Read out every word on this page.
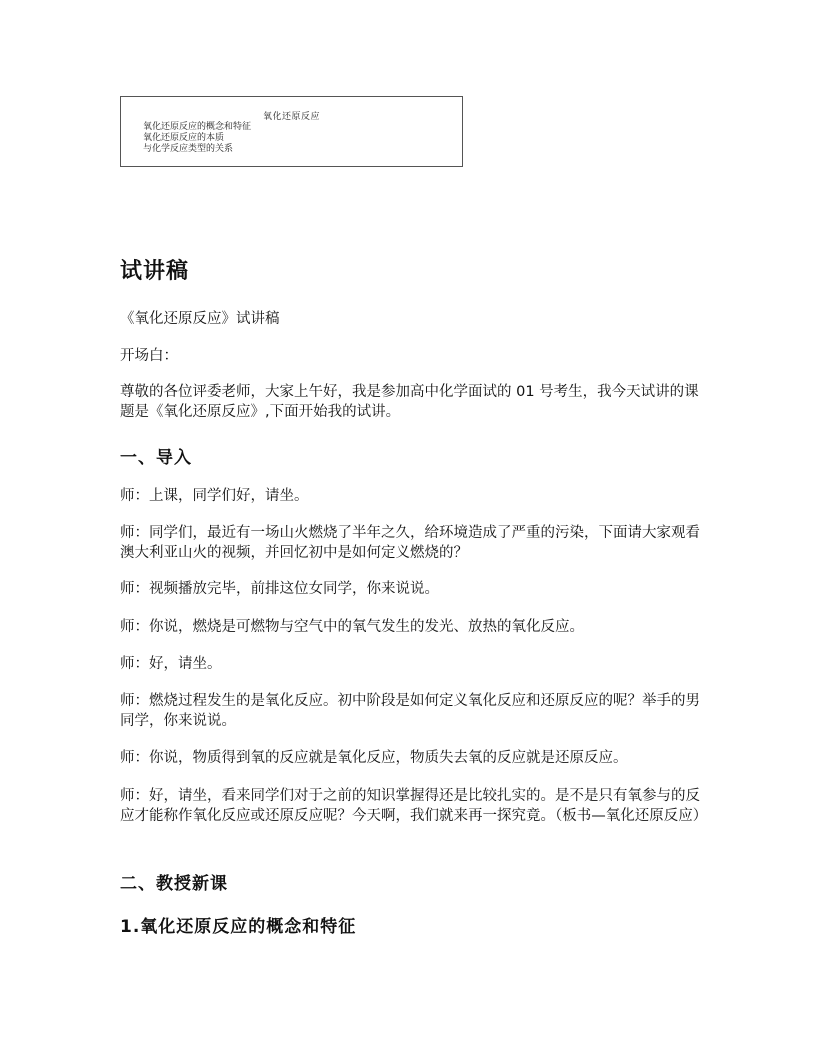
氧化还原反应
氧化还原反应的概念和特征
氧化还原反应的本质
与化学反应类型的关系
试讲稿

《氧化还原反应》试讲稿

开场白：

尊敬的各位评委老师，大家上午好，我是参加高中化学面试的 01 号考生，我今天试讲的课题是《氧化还原反应》,下面开始我的试讲。

一、导入

师：上课，同学们好，请坐。

师：同学们，最近有一场山火燃烧了半年之久，给环境造成了严重的污染，下面请大家观看澳大利亚山火的视频，并回忆初中是如何定义燃烧的？

师：视频播放完毕，前排这位女同学，你来说说。

师：你说，燃烧是可燃物与空气中的氧气发生的发光、放热的氧化反应。

师：好，请坐。

师：燃烧过程发生的是氧化反应。初中阶段是如何定义氧化反应和还原反应的呢？举手的男同学，你来说说。

师：你说，物质得到氧的反应就是氧化反应，物质失去氧的反应就是还原反应。

师：好，请坐，看来同学们对于之前的知识掌握得还是比较扎实的。是不是只有氧参与的反应才能称作氧化反应或还原反应呢？今天啊，我们就来再一探究竟。（板书—氧化还原反应）

二、教授新课
1.氧化还原反应的概念和特征
